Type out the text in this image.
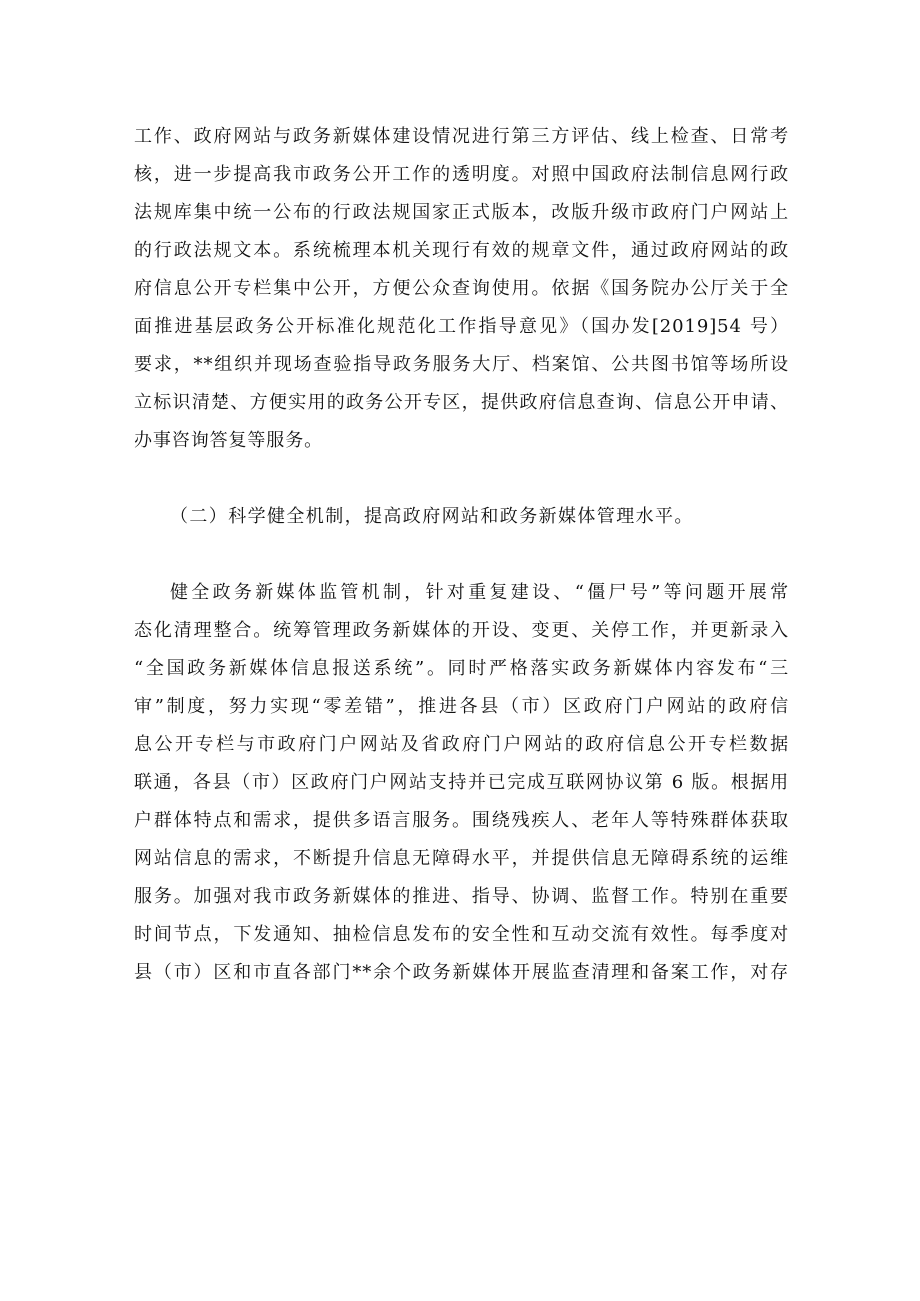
工作、政府网站与政务新媒体建设情况进行第三方评估、线上检查、日常考
核，进一步提高我市政务公开工作的透明度。对照中国政府法制信息网行政
法规库集中统一公布的行政法规国家正式版本，改版升级市政府门户网站上
的行政法规文本。系统梳理本机关现行有效的规章文件，通过政府网站的政
府信息公开专栏集中公开，方便公众查询使用。依据《国务院办公厅关于全
面推进基层政务公开标准化规范化工作指导意见》（国办发[2019]54 号）
要求，**组织并现场查验指导政务服务大厅、档案馆、公共图书馆等场所设
立标识清楚、方便实用的政务公开专区，提供政府信息查询、信息公开申请、
办事咨询答复等服务。
（二）科学健全机制，提高政府网站和政务新媒体管理水平。
健全政务新媒体监管机制，针对重复建设、“僵尸号”等问题开展常
态化清理整合。统筹管理政务新媒体的开设、变更、关停工作，并更新录入
“全国政务新媒体信息报送系统”。同时严格落实政务新媒体内容发布“三
审”制度，努力实现“零差错”，推进各县（市）区政府门户网站的政府信
息公开专栏与市政府门户网站及省政府门户网站的政府信息公开专栏数据
联通，各县（市）区政府门户网站支持并已完成互联网协议第 6 版。根据用
户群体特点和需求，提供多语言服务。围绕残疾人、老年人等特殊群体获取
网站信息的需求，不断提升信息无障碍水平，并提供信息无障碍系统的运维
服务。加强对我市政务新媒体的推进、指导、协调、监督工作。特别在重要
时间节点，下发通知、抽检信息发布的安全性和互动交流有效性。每季度对
县（市）区和市直各部门**余个政务新媒体开展监查清理和备案工作，对存
